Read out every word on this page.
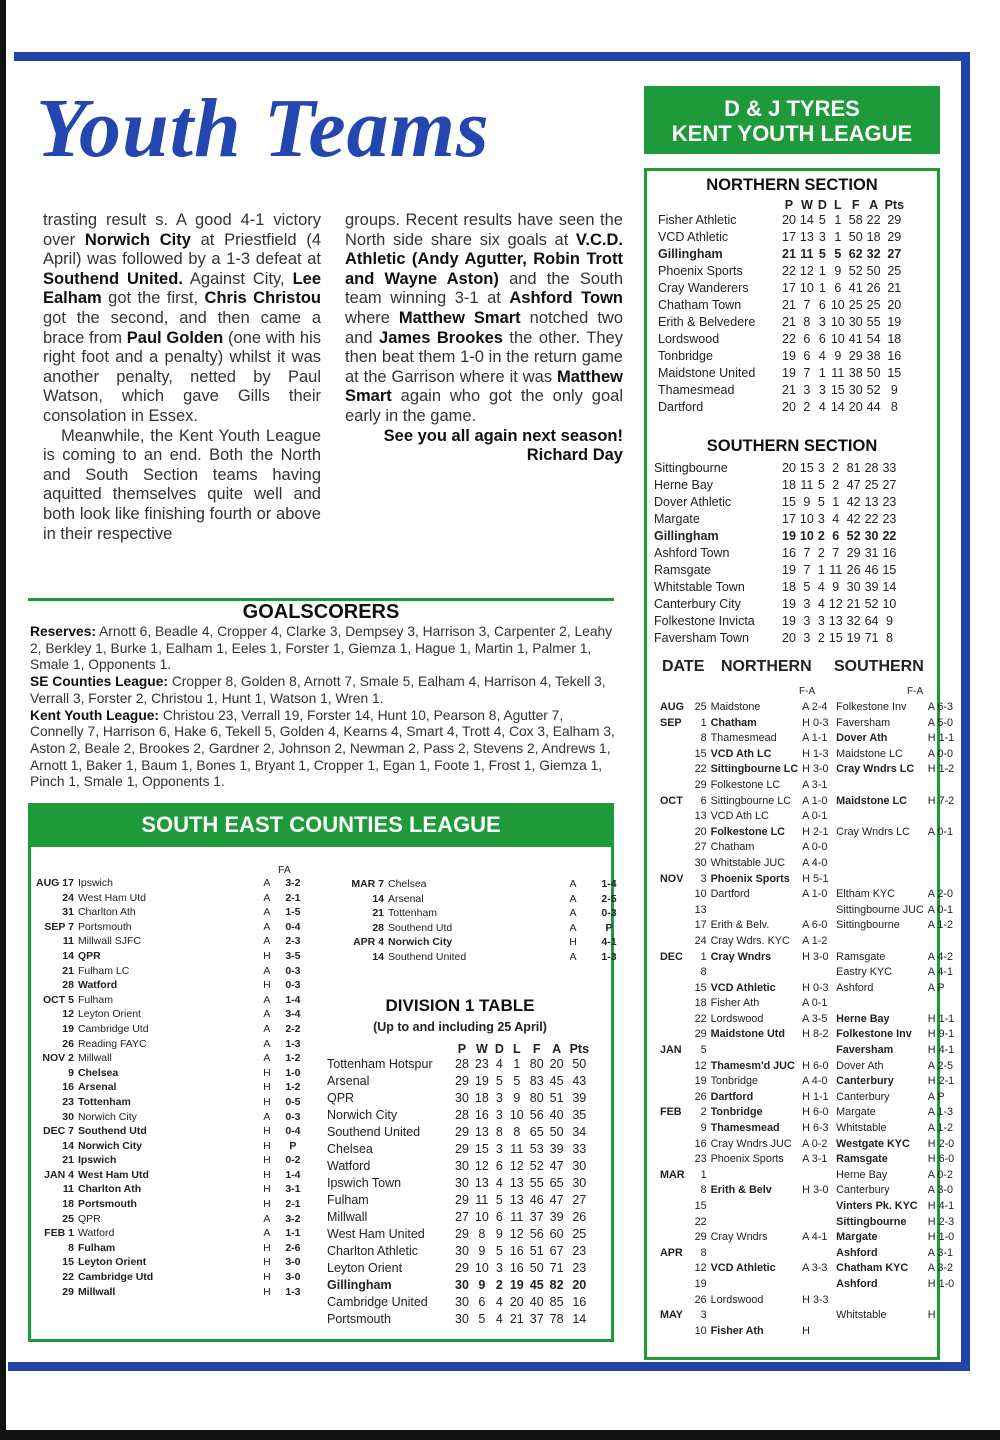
Youth Teams

trasting result s. A good 4-1 victory over Norwich City at Priestfield (4 April) was followed by a 1-3 defeat at Southend United. Against City, Lee Ealham got the first, Chris Christou got the second, and then came a brace from Paul Golden (one with his right foot and a penalty) whilst it was another penalty, netted by Paul Watson, which gave Gills their consolation in Essex.

Meanwhile, the Kent Youth League is coming to an end. Both the North and South Section teams having aquitted themselves quite well and both look like finishing fourth or above in their respective

groups. Recent results have seen the North side share six goals at V.C.D. Athletic (Andy Agutter, Robin Trott and Wayne Aston) and the South team winning 3-1 at Ashford Town where Matthew Smart notched two and James Brookes the other. They then beat them 1-0 in the return game at the Garrison where it was Matthew Smart again who got the only goal early in the game.

See you all again next season!

Richard Day

GOALSCORERS
Reserves: Arnott 6, Beadle 4, Cropper 4, Clarke 3, Dempsey 3, Harrison 3, Carpenter 2, Leahy 2, Berkley 1, Burke 1, Ealham 1, Eeles 1, Forster 1, Giemza 1, Hague 1, Martin 1, Palmer 1, Smale 1, Opponents 1.
SE Counties League: Cropper 8, Golden 8, Arnott 7, Smale 5, Ealham 4, Harrison 4, Tekell 3, Verrall 3, Forster 2, Christou 1, Hunt 1, Watson 1, Wren 1.
Kent Youth League: Christou 23, Verrall 19, Forster 14, Hunt 10, Pearson 8, Agutter 7, Connelly 7, Harrison 6, Hake 6, Tekell 5, Golden 4, Kearns 4, Smart 4, Trott 4, Cox 3, Ealham 3, Aston 2, Beale 2, Brookes 2, Gardner 2, Johnson 2, Newman 2, Pass 2, Stevens 2, Andrews 1, Arnott 1, Baker 1, Baum 1, Bones 1, Bryant 1, Cropper 1, Egan 1, Foote 1, Frost 1, Giemza 1, Pinch 1, Smale 1, Opponents 1.
SOUTH EAST COUNTIES LEAGUE
FA
AUG 17	Ipswich	A	3-2
24	West Ham Utd	A	2-1
31	Charlton Ath	A	1-5
SEP 7	Portsmouth	A	0-4
11	Millwall SJFC	A	2-3
14	QPR	H	3-5
21	Fulham LC	A	0-3
28	Watford	H	0-3
OCT 5	Fulham	A	1-4
12	Leyton Orient	A	3-4
19	Cambridge Utd	A	2-2
26	Reading FAYC	A	1-3
NOV 2	Millwall	A	1-2
9	Chelsea	H	1-0
16	Arsenal	H	1-2
23	Tottenham	H	0-5
30	Norwich City	A	0-3
DEC 7	Southend Utd	H	0-4
14	Norwich City	H	P
21	Ipswich	H	0-2
JAN 4	West Ham Utd	H	1-4
11	Charlton Ath	H	3-1
18	Portsmouth	H	2-1
25	QPR	A	3-2
FEB 1	Watford	A	1-1
8	Fulham	H	2-6
15	Leyton Orient	H	3-0
22	Cambridge Utd	H	3-0
29	Millwall	H	1-3
MAR 7	Chelsea	A	1-4
14	Arsenal	A	2-5
21	Tottenham	A	0-3
28	Southend Utd	A	P
APR 4	Norwich City	H	4-1
14	Southend United	A	1-3
DIVISION 1 TABLE
(Up to and including 25 April)
	P	W	D	L	F	A	Pts
Tottenham Hotspur	28	23	4	1	80	20	50
Arsenal	29	19	5	5	83	45	43
QPR	30	18	3	9	80	51	39
Norwich City	28	16	3	10	56	40	35
Southend United	29	13	8	8	65	50	34
Chelsea	29	15	3	11	53	39	33
Watford	30	12	6	12	52	47	30
Ipswich Town	30	13	4	13	55	65	30
Fulham	29	11	5	13	46	47	27
Millwall	27	10	6	11	37	39	26
West Ham United	29	8	9	12	56	60	25
Charlton Athletic	30	9	5	16	51	67	23
Leyton Orient	29	10	3	16	50	71	23
Gillingham	30	9	2	19	45	82	20
Cambridge United	30	6	4	20	40	85	16
Portsmouth	30	5	4	21	37	78	14
D & J TYRES
KENT YOUTH LEAGUE
NORTHERN SECTION
	P	W	D	L	F	A	Pts
Fisher Athletic	20	14	5	1	58	22	29
VCD Athletic	17	13	3	1	50	18	29
Gillingham	21	11	5	5	62	32	27
Phoenix Sports	22	12	1	9	52	50	25
Cray Wanderers	17	10	1	6	41	26	21
Chatham Town	21	7	6	10	25	25	20
Erith & Belvedere	21	8	3	10	30	55	19
Lordswood	22	6	6	10	41	54	18
Tonbridge	19	6	4	9	29	38	16
Maidstone United	19	7	1	11	38	50	15
Thamesmead	21	3	3	15	30	52	9
Dartford	20	2	4	14	20	44	8
SOUTHERN SECTION
Sittingbourne	20	15	3	2	81	28	33
Herne Bay	18	11	5	2	47	25	27
Dover Athletic	15	9	5	1	42	13	23
Margate	17	10	3	4	42	22	23
Gillingham	19	10	2	6	52	30	22
Ashford Town	16	7	2	7	29	31	16
Ramsgate	19	7	1	11	26	46	15
Whitstable Town	18	5	4	9	30	39	14
Canterbury City	19	3	4	12	21	52	10
Folkestone Invicta	19	3	3	13	32	64	9
Faversham Town	20	3	2	15	19	71	8
DATE NORTHERN SOUTHERN
F-A	F-A
AUG	25	Maidstone	A 2-4	Folkestone Inv	A 6-3
SEP	1	Chatham	H 0-3	Faversham	A 5-0
	8	Thamesmead	A 1-1	Dover Ath	H 1-1
	15	VCD Ath LC	H 1-3	Maidstone LC	A 0-0
	22	Sittingbourne LC	H 3-0	Cray Wndrs LC	H 1-2
	29	Folkestone LC	A 3-1		
OCT	6	Sittingbourne LC	A 1-0	Maidstone LC	H 7-2
	13	VCD Ath LC	A 0-1		
	20	Folkestone LC	H 2-1	Cray Wndrs LC	A 0-1
	27	Chatham	A 0-0		
	30	Whitstable JUC	A 4-0		
NOV	3	Phoenix Sports	H 5-1		
	10	Dartford	A 1-0	Eltham KYC	A 2-0
	13			Sittingbourne JUC	A 0-1
	17	Erith & Belv.	A 6-0	Sittingbourne	A 1-2
	24	Cray Wdrs. KYC	A 1-2		
DEC	1	Cray Wndrs	H 3-0	Ramsgate	A 4-2
	8			Eastry KYC	A 4-1
	15	VCD Athletic	H 0-3	Ashford	A P
	18	Fisher Ath	A 0-1		
	22	Lordswood	A 3-5	Herne Bay	H 1-1
	29	Maidstone Utd	H 8-2	Folkestone Inv	H 9-1
JAN	5			Faversham	H 4-1
	12	Thamesm'd JUC	H 6-0	Dover Ath	A 2-5
	19	Tonbridge	A 4-0	Canterbury	H 2-1
	26	Dartford	H 1-1	Canterbury	A P
FEB	2	Tonbridge	H 6-0	Margate	A 1-3
	9	Thamesmead	H 6-3	Whitstable	A 1-2
	16	Cray Wndrs JUC	A 0-2	Westgate KYC	H 2-0
	23	Phoenix Sports	A 3-1	Ramsgate	H 6-0
MAR	1			Herne Bay	A 0-2
	8	Erith & Belv	H 3-0	Canterbury	A 3-0
	15			Vinters Pk. KYC	H 4-1
	22			Sittingbourne	H 2-3
	29	Cray Wndrs	A 4-1	Margate	H 1-0
APR	8			Ashford	A 3-1
	12	VCD Athletic	A 3-3	Chatham KYC	A 3-2
	19			Ashford	H 1-0
	26	Lordswood	H 3-3		
MAY	3			Whitstable	H
	10	Fisher Ath	H		
